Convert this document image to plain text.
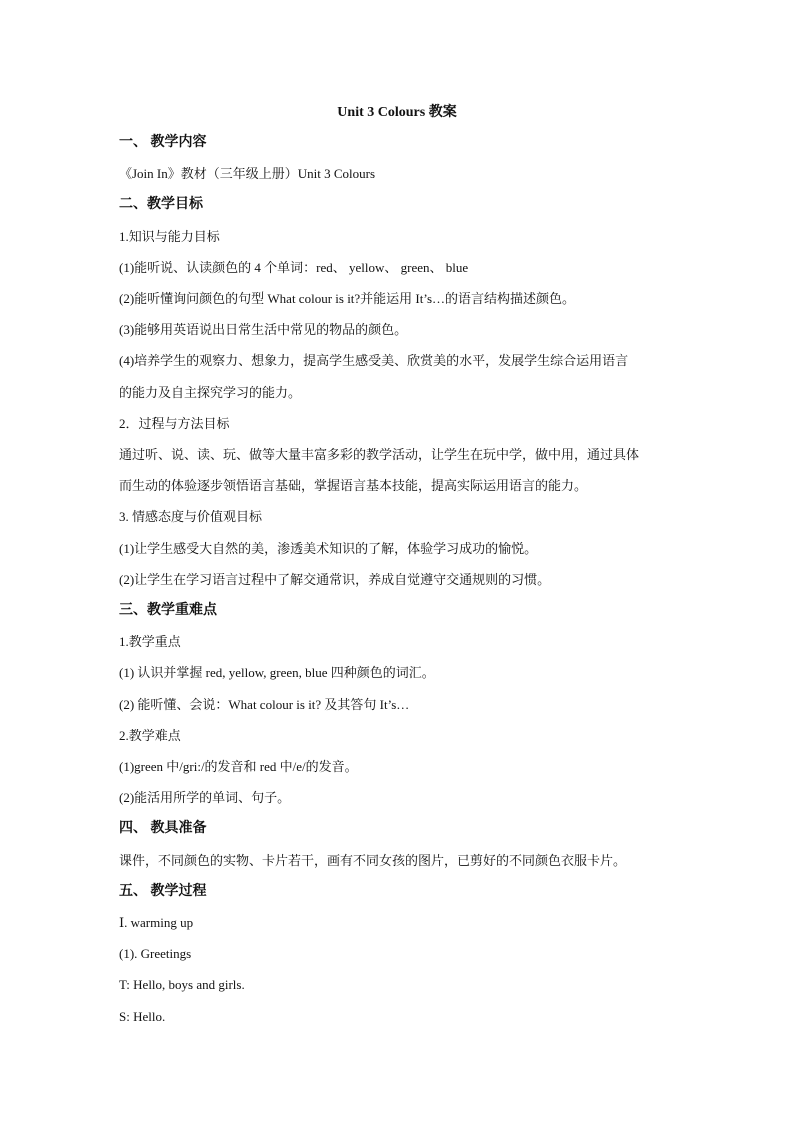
Unit 3 Colours 教案
一、 教学内容
《Join In》教材（三年级上册）Unit 3 Colours
二、教学目标
1.知识与能力目标
(1)能听说、认读颜色的 4 个单词：red、 yellow、 green、 blue
(2)能听懂询问颜色的句型 What colour is it?并能运用 It’s…的语言结构描述颜色。
(3)能够用英语说出日常生活中常见的物品的颜色。
(4)培养学生的观察力、想象力，提高学生感受美、欣赏美的水平，发展学生综合运用语言
的能力及自主探究学习的能力。
2．过程与方法目标
通过听、说、读、玩、做等大量丰富多彩的教学活动，让学生在玩中学，做中用，通过具体
而生动的体验逐步领悟语言基础，掌握语言基本技能，提高实际运用语言的能力。
3. 情感态度与价值观目标
(1)让学生感受大自然的美，渗透美术知识的了解，体验学习成功的愉悦。
(2)让学生在学习语言过程中了解交通常识，养成自觉遵守交通规则的习惯。
三、教学重难点
1.教学重点
(1) 认识并掌握 red, yellow, green, blue 四种颜色的词汇。
(2) 能听懂、会说：What colour is it? 及其答句 It’s…
2.教学难点
(1)green 中/gri:/的发音和 red 中/e/的发音。
(2)能活用所学的单词、句子。
四、 教具准备
课件，不同颜色的实物、卡片若干，画有不同女孩的图片，已剪好的不同颜色衣服卡片。
五、 教学过程
Ⅰ. warming up
(1). Greetings
T: Hello, boys and girls.
S: Hello.
